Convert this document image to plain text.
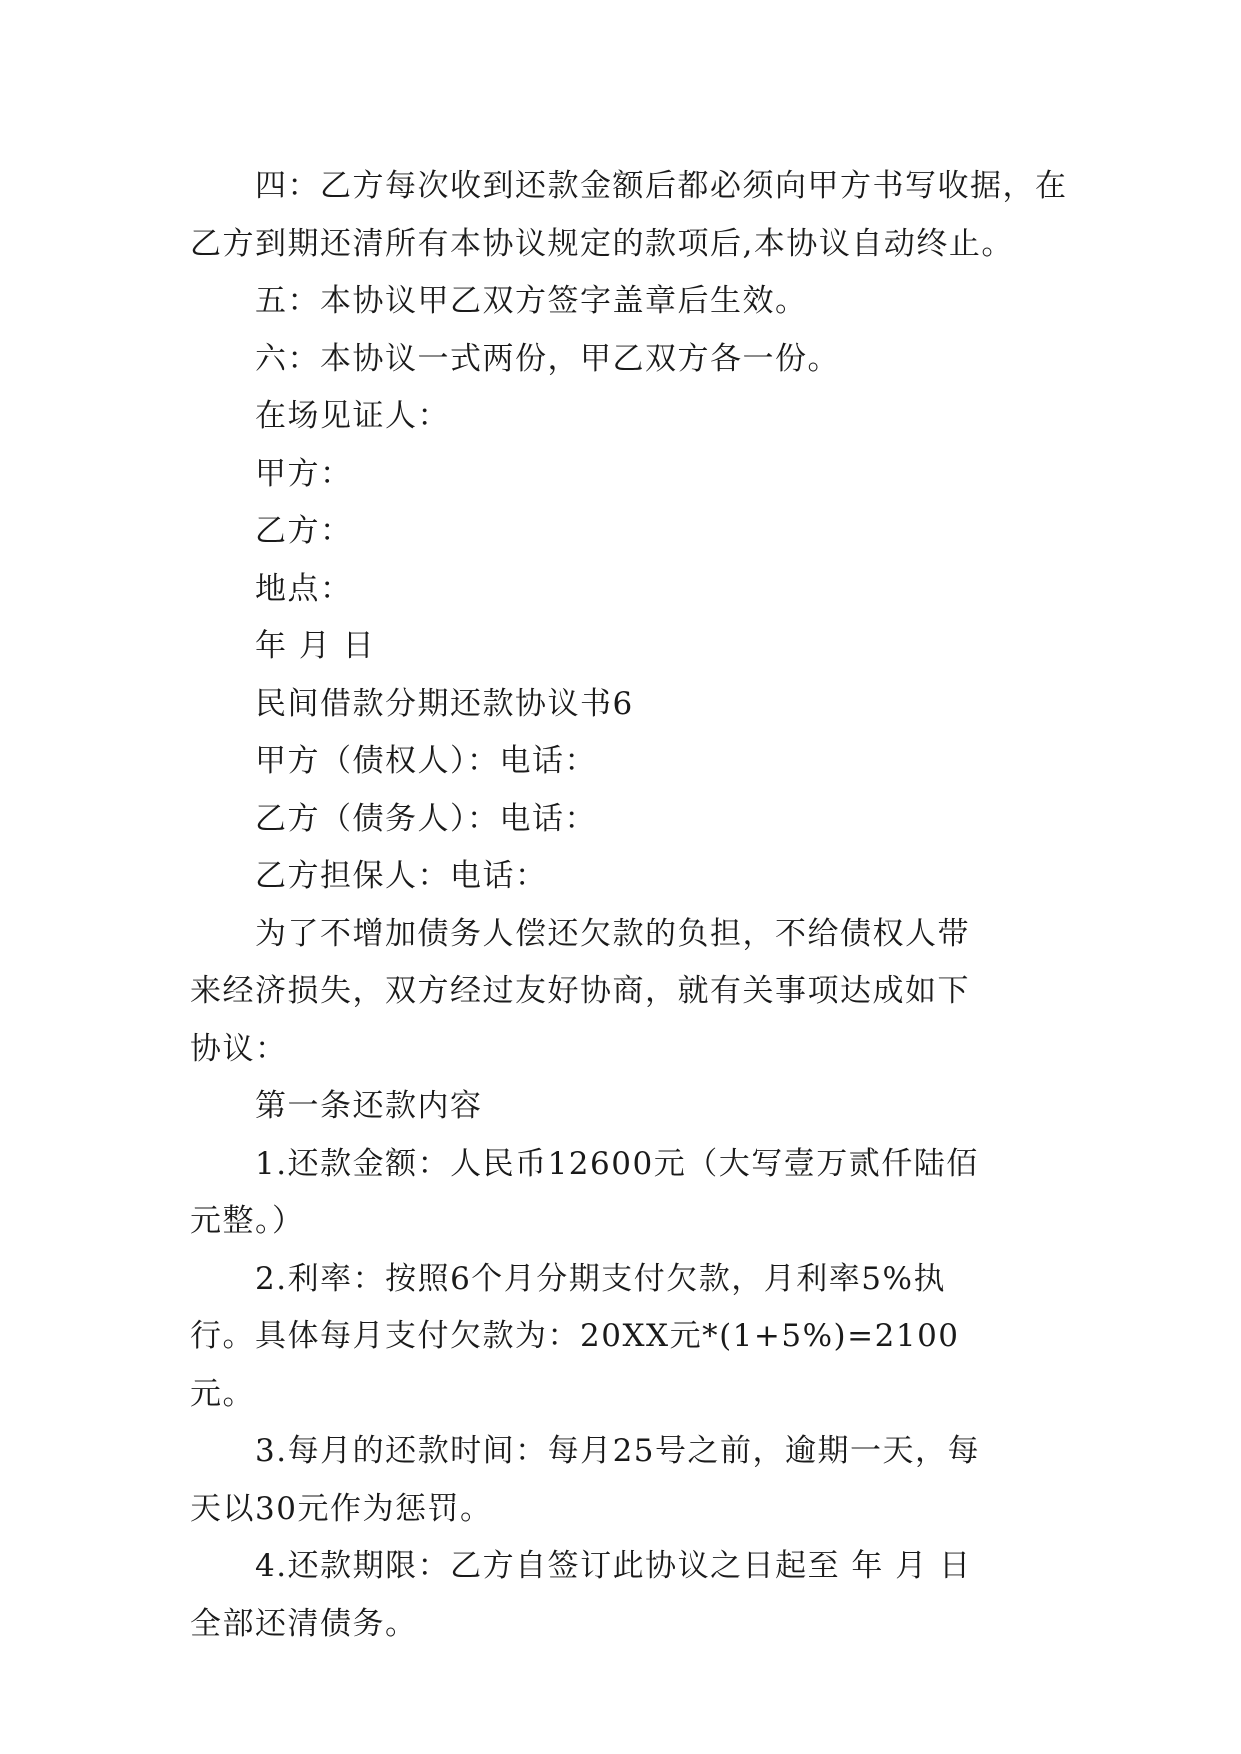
四：乙方每次收到还款金额后都必须向甲方书写收据，在乙方到期还清所有本协议规定的款项后,本协议自动终止。

五：本协议甲乙双方签字盖章后生效。

六：本协议一式两份，甲乙双方各一份。

在场见证人：

甲方：

乙方：

地点：

年 月 日

民间借款分期还款协议书6

甲方（债权人）：电话：

乙方（债务人）：电话：

乙方担保人：电话：

为了不增加债务人偿还欠款的负担，不给债权人带来经济损失，双方经过友好协商，就有关事项达成如下协议：

第一条还款内容

1.还款金额：人民币12600元（大写壹万贰仟陆佰元整。）

2.利率：按照6个月分期支付欠款，月利率5%执行。具体每月支付欠款为：20XX元*(1+5%)=2100元。

3.每月的还款时间：每月25号之前，逾期一天，每天以30元作为惩罚。

4.还款期限：乙方自签订此协议之日起至 年 月 日全部还清债务。
